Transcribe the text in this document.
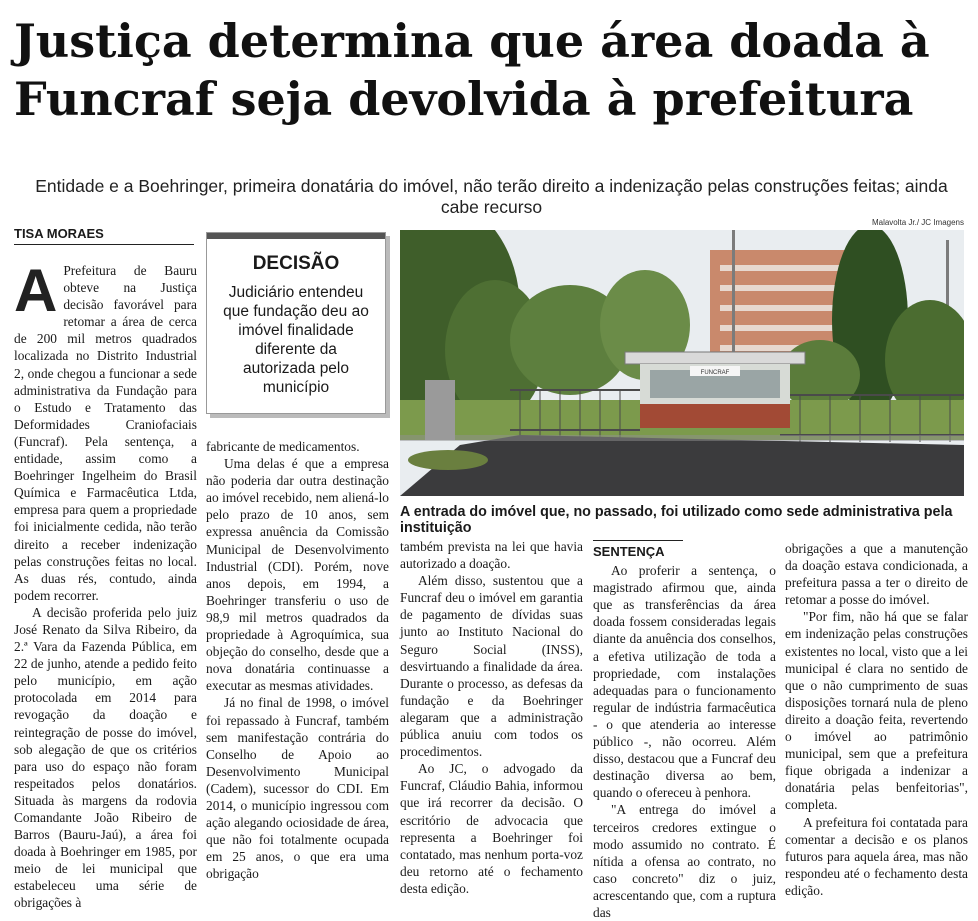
Justiça determina que área doada à Funcraf seja devolvida à prefeitura

Entidade e a Boehringer, primeira donatária do imóvel, não terão direito a indenização pelas construções feitas; ainda cabe recurso

TISA MORAES

A Prefeitura de Bauru obteve na Justiça decisão favorável para retomar a área de cerca de 200 mil metros quadrados localizada no Distrito Industrial 2, onde chegou a funcionar a sede administrativa da Fundação para o Estudo e Tratamento das Deformidades Craniofaciais (Funcraf). Pela sentença, a entidade, assim como a Boehringer Ingelheim do Brasil Química e Farmacêutica Ltda, empresa para quem a propriedade foi inicialmente cedida, não terão direito a receber indenização pelas construções feitas no local. As duas rés, contudo, ainda podem recorrer.

A decisão proferida pelo juiz José Renato da Silva Ribeiro, da 2.ª Vara da Fazenda Pública, em 22 de junho, atende a pedido feito pelo município, em ação protocolada em 2014 para revogação da doação e reintegração de posse do imóvel, sob alegação de que os critérios para uso do espaço não foram respeitados pelos donatários. Situada às margens da rodovia Comandante João Ribeiro de Barros (Bauru-Jaú), a área foi doada à Boehringer em 1985, por meio de lei municipal que estabeleceu uma série de obrigações à

DECISÃO
Judiciário entendeu que fundação deu ao imóvel finalidade diferente da autorizada pelo município

fabricante de medicamentos.

Uma delas é que a empresa não poderia dar outra destinação ao imóvel recebido, nem aliená-lo pelo prazo de 10 anos, sem expressa anuência da Comissão Municipal de Desenvolvimento Industrial (CDI). Porém, nove anos depois, em 1994, a Boehringer transferiu o uso de 98,9 mil metros quadrados da propriedade à Agroquímica, sua objeção do conselho, desde que a nova donatária continuasse a executar as mesmas atividades.

Já no final de 1998, o imóvel foi repassado à Funcraf, também sem manifestação contrária do Conselho de Apoio ao Desenvolvimento Municipal (Cadem), sucessor do CDI. Em 2014, o município ingressou com ação alegando ociosidade de área, que não foi totalmente ocupada em 25 anos, o que era uma obrigação

Malavolta Jr./ JC Imagens
FUNCRAF
A entrada do imóvel que, no passado, foi utilizado como sede administrativa pela instituição

também prevista na lei que havia autorizado a doação.

Além disso, sustentou que a Funcraf deu o imóvel em garantia de pagamento de dívidas suas junto ao Instituto Nacional do Seguro Social (INSS), desvirtuando a finalidade da área. Durante o processo, as defesas da fundação e da Boehringer alegaram que a administração pública anuiu com todos os procedimentos.

Ao JC, o advogado da Funcraf, Cláudio Bahia, informou que irá recorrer da decisão. O escritório de advocacia que representa a Boehringer foi contatado, mas nenhum porta-voz deu retorno até o fechamento desta edição.

SENTENÇA

Ao proferir a sentença, o magistrado afirmou que, ainda que as transferências da área doada fossem consideradas legais diante da anuência dos conselhos, a efetiva utilização de toda a propriedade, com instalações adequadas para o funcionamento regular de indústria farmacêutica - o que atenderia ao interesse público -, não ocorreu. Além disso, destacou que a Funcraf deu destinação diversa ao bem, quando o ofereceu à penhora.

"A entrega do imóvel a terceiros credores extingue o modo assumido no contrato. É nítida a ofensa ao contrato, no caso concreto" diz o juiz, acrescentando que, com a ruptura das

obrigações a que a manutenção da doação estava condicionada, a prefeitura passa a ter o direito de retomar a posse do imóvel.

"Por fim, não há que se falar em indenização pelas construções existentes no local, visto que a lei municipal é clara no sentido de que o não cumprimento de suas disposições tornará nula de pleno direito a doação feita, revertendo o imóvel ao patrimônio municipal, sem que a prefeitura fique obrigada a indenizar a donatária pelas benfeitorias", completa.

A prefeitura foi contatada para comentar a decisão e os planos futuros para aquela área, mas não respondeu até o fechamento desta edição.
